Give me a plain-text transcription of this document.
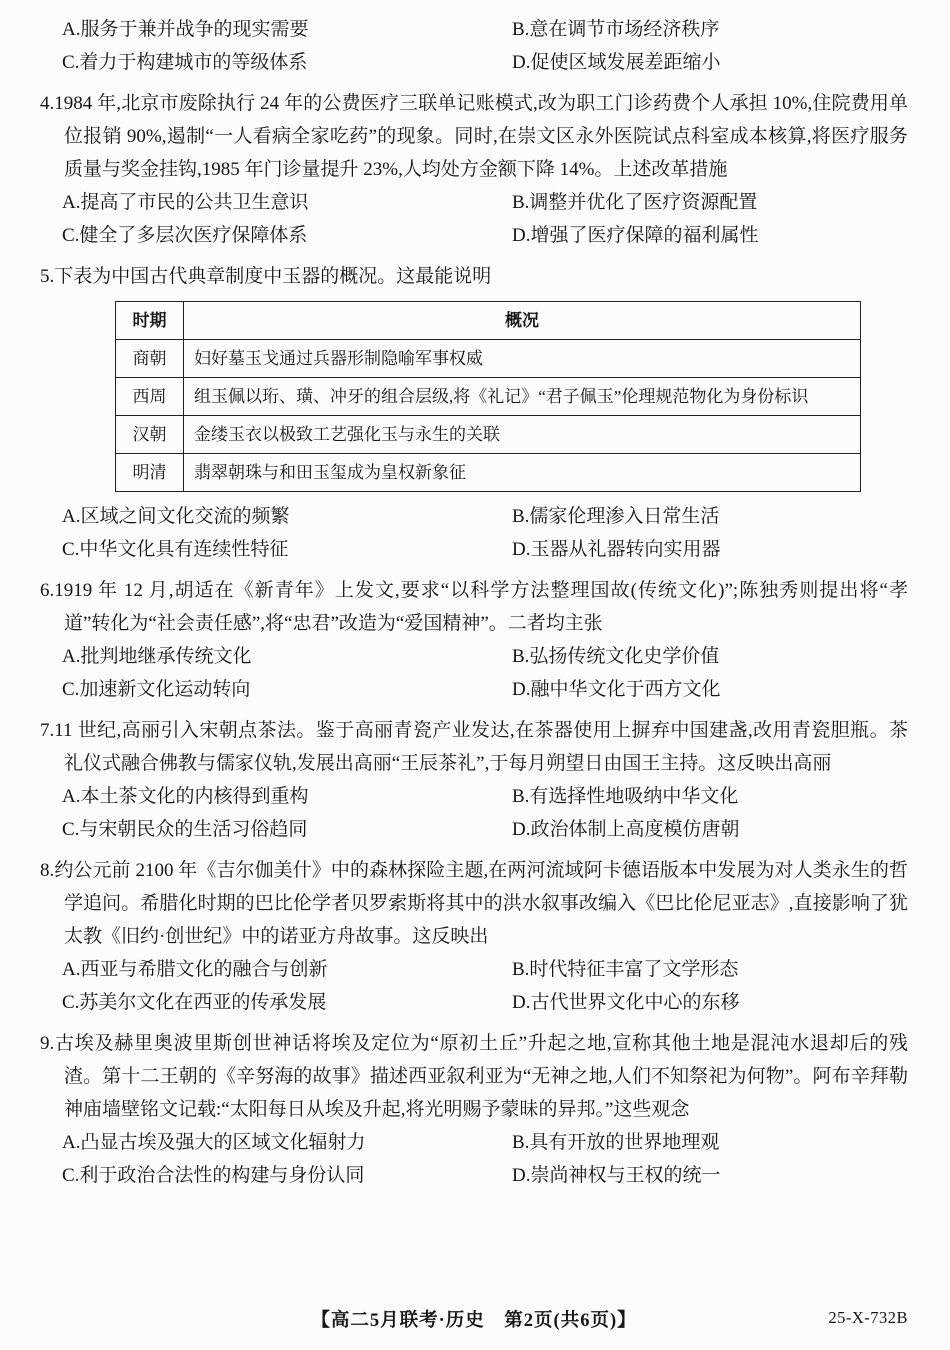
A.服务于兼并战争的现实需要	B.意在调节市场经济秩序
C.着力于构建城市的等级体系	D.促使区域发展差距缩小

4.1984 年,北京市废除执行 24 年的公费医疗三联单记账模式,改为职工门诊药费个人承担 10%,住院费用单位报销 90%,遏制“一人看病全家吃药”的现象。同时,在崇文区永外医院试点科室成本核算,将医疗服务质量与奖金挂钩,1985 年门诊量提升 23%,人均处方金额下降 14%。上述改革措施

A.提高了市民的公共卫生意识	B.调整并优化了医疗资源配置
C.健全了多层次医疗保障体系	D.增强了医疗保障的福利属性

5.下表为中国古代典章制度中玉器的概况。这最能说明

时期	概况
商朝	妇好墓玉戈通过兵器形制隐喻军事权威
西周	组玉佩以珩、璜、冲牙的组合层级,将《礼记》“君子佩玉”伦理规范物化为身份标识
汉朝	金缕玉衣以极致工艺强化玉与永生的关联
明清	翡翠朝珠与和田玉玺成为皇权新象征
A.区域之间文化交流的频繁	B.儒家伦理渗入日常生活
C.中华文化具有连续性特征	D.玉器从礼器转向实用器

6.1919 年 12 月,胡适在《新青年》上发文,要求“以科学方法整理国故(传统文化)”;陈独秀则提出将“孝道”转化为“社会责任感”,将“忠君”改造为“爱国精神”。二者均主张

A.批判地继承传统文化	B.弘扬传统文化史学价值
C.加速新文化运动转向	D.融中华文化于西方文化

7.11 世纪,高丽引入宋朝点茶法。鉴于高丽青瓷产业发达,在茶器使用上摒弃中国建盏,改用青瓷胆瓶。茶礼仪式融合佛教与儒家仪轨,发展出高丽“王辰茶礼”,于每月朔望日由国王主持。这反映出高丽

A.本土茶文化的内核得到重构	B.有选择性地吸纳中华文化
C.与宋朝民众的生活习俗趋同	D.政治体制上高度模仿唐朝

8.约公元前 2100 年《吉尔伽美什》中的森林探险主题,在两河流域阿卡德语版本中发展为对人类永生的哲学追问。希腊化时期的巴比伦学者贝罗索斯将其中的洪水叙事改编入《巴比伦尼亚志》,直接影响了犹太教《旧约·创世纪》中的诺亚方舟故事。这反映出

A.西亚与希腊文化的融合与创新	B.时代特征丰富了文学形态
C.苏美尔文化在西亚的传承发展	D.古代世界文化中心的东移

9.古埃及赫里奥波里斯创世神话将埃及定位为“原初土丘”升起之地,宣称其他土地是混沌水退却后的残渣。第十二王朝的《辛努海的故事》描述西亚叙利亚为“无神之地,人们不知祭祀为何物”。阿布辛拜勒神庙墙壁铭文记载:“太阳每日从埃及升起,将光明赐予蒙昧的异邦。”这些观念

A.凸显古埃及强大的区域文化辐射力	B.具有开放的世界地理观
C.利于政治合法性的构建与身份认同	D.崇尚神权与王权的统一
【高二5月联考·历史　第2页(共6页)】	25-X-732B
